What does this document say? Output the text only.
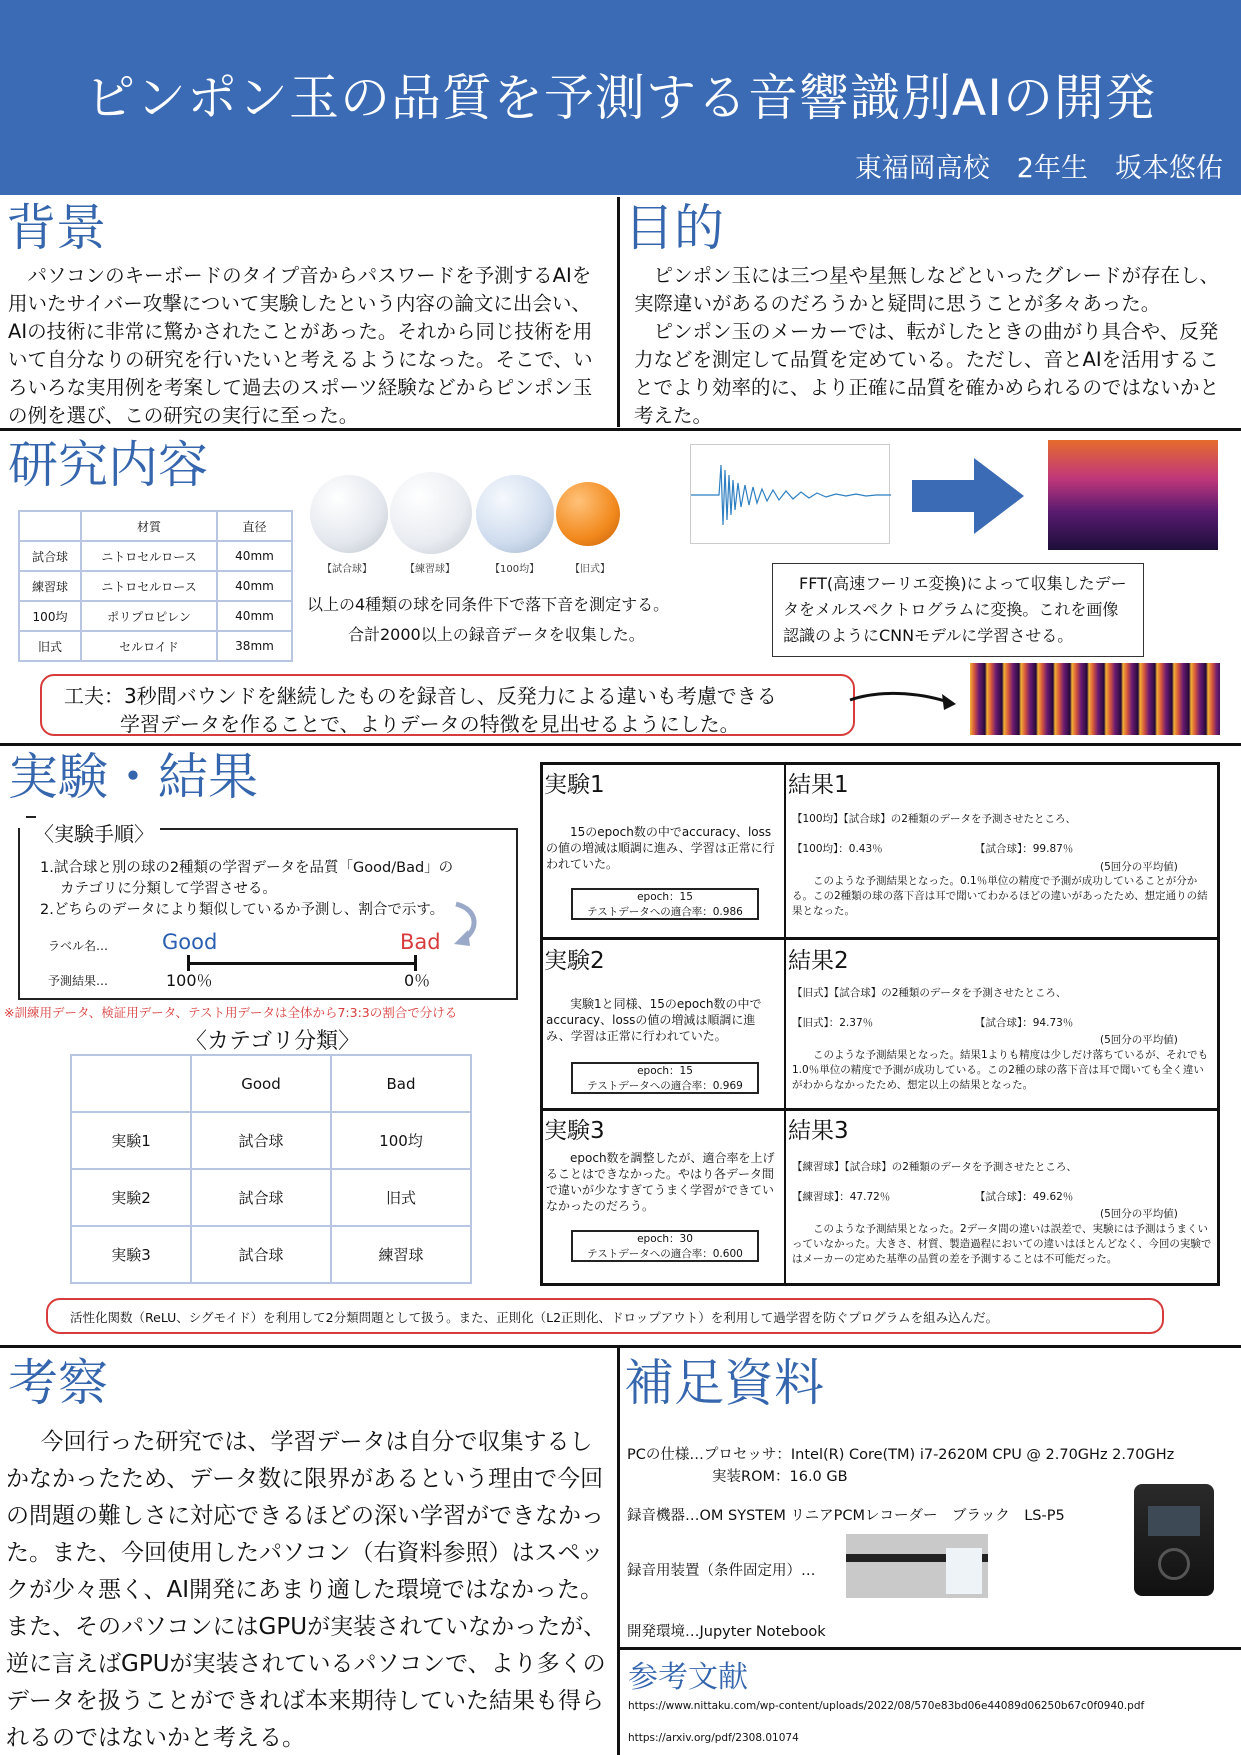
ピンポン玉の品質を予測する音響識別AIの開発
東福岡高校　2年生　坂本悠佑
背景

パソコンのキーボードのタイプ音からパスワードを予測するAIを用いたサイバー攻撃について実験したという内容の論文に出会い、AIの技術に非常に驚かされたことがあった。それから同じ技術を用いて自分なりの研究を行いたいと考えるようになった。そこで、いろいろな実用例を考案して過去のスポーツ経験などからピンポン玉の例を選び、この研究の実行に至った。

目的

ピンポン玉には三つ星や星無しなどといったグレードが存在し、実際違いがあるのだろうかと疑問に思うことが多々あった。

ピンポン玉のメーカーでは、転がしたときの曲がり具合や、反発力などを測定して品質を定めている。ただし、音とAIを活用することでより効率的に、より正確に品質を確かめられるのではないかと考えた。

研究内容
	材質	直径
試合球	ニトロセルロース	40mm
練習球	ニトロセルロース	40mm
100均	ポリプロピレン	40mm
旧式	セルロイド	38mm
【試合球】	【練習球】	【100均】	【旧式】
以上の4種類の球を同条件下で落下音を測定する。
合計2000以上の録音データを収集した。
FFT(高速フーリエ変換)によって収集したデータをメルスペクトログラムに変換。これを画像認識のようにCNNモデルに学習させる。
工夫：3秒間バウンドを継続したものを録音し、反発力による違いも考慮できる
学習データを作ることで、よりデータの特徴を見出せるようにした。
実験・結果
〈実験手順〉
1.試合球と別の球の2種類の学習データを品質「Good/Bad」の
カテゴリに分類して学習させる。
2.どちらのデータにより類似しているか予測し、割合で示す。
ラベル名…	Good	Bad
予測結果…	100％	0％
※訓練用データ、検証用データ、テスト用データは全体から7:3:3の割合で分ける
〈カテゴリ分類〉
	Good	Bad
実験1	試合球	100均
実験2	試合球	旧式
実験3	試合球	練習球
実験1
15のepoch数の中でaccuracy、lossの値の増減は順調に進み、学習は正常に行われていた。
epoch：15
テストデータへの適合率：0.986
結果1
【100均】【試合球】の2種類のデータを予測させたところ、
【100均】：0.43％	【試合球】：99.87％
(5回分の平均値)
このような予測結果となった。0.1％単位の精度で予測が成功していることが分かる。この2種類の球の落下音は耳で聞いてわかるほどの違いがあったため、想定通りの結果となった。
実験2
実験1と同様、15のepoch数の中でaccuracy、lossの値の増減は順調に進み、学習は正常に行われていた。
epoch：15
テストデータへの適合率：0.969
結果2
【旧式】【試合球】の2種類のデータを予測させたところ、
【旧式】：2.37％	【試合球】：94.73％
(5回分の平均値)
このような予測結果となった。結果1よりも精度は少しだけ落ちているが、それでも1.0％単位の精度で予測が成功している。この2種の球の落下音は耳で聞いても全く違いがわからなかったため、想定以上の結果となった。
実験3
epoch数を調整したが、適合率を上げることはできなかった。やはり各データ間で違いが少なすぎてうまく学習ができていなかったのだろう。
epoch：30
テストデータへの適合率：0.600
結果3
【練習球】【試合球】の2種類のデータを予測させたところ、
【練習球】：47.72％	【試合球】：49.62％
(5回分の平均値)
このような予測結果となった。2データ間の違いは誤差で、実験には予測はうまくいっていなかった。大きさ、材質、製造過程においての違いはほとんどなく、今回の実験ではメーカーの定めた基準の品質の差を予測することは不可能だった。
活性化関数（ReLU、シグモイド）を利用して2分類問題として扱う。また、正則化（L2正則化、ドロップアウト）を利用して過学習を防ぐプログラムを組み込んだ。
考察
今回行った研究では、学習データは自分で収集するしかなかったため、データ数に限界があるという理由で今回の問題の難しさに対応できるほどの深い学習ができなかった。また、今回使用したパソコン（右資料参照）はスペックが少々悪く、AI開発にあまり適した環境ではなかった。また、そのパソコンにはGPUが実装されていなかったが、逆に言えばGPUが実装されているパソコンで、より多くのデータを扱うことができれば本来期待していた結果も得られるのではないかと考える。
補足資料
PCの仕様…プロセッサ：Intel(R) Core(TM) i7-2620M CPU @ 2.70GHz 2.70GHz
実装ROM：16.0 GB
録音機器…OM SYSTEM リニアPCMレコーダー　ブラック　LS-P5
録音用装置（条件固定用）…
開発環境…Jupyter Notebook
参考文献
https://www.nittaku.com/wp-content/uploads/2022/08/570e83bd06e44089d06250b67c0f0940.pdf
https://arxiv.org/pdf/2308.01074
